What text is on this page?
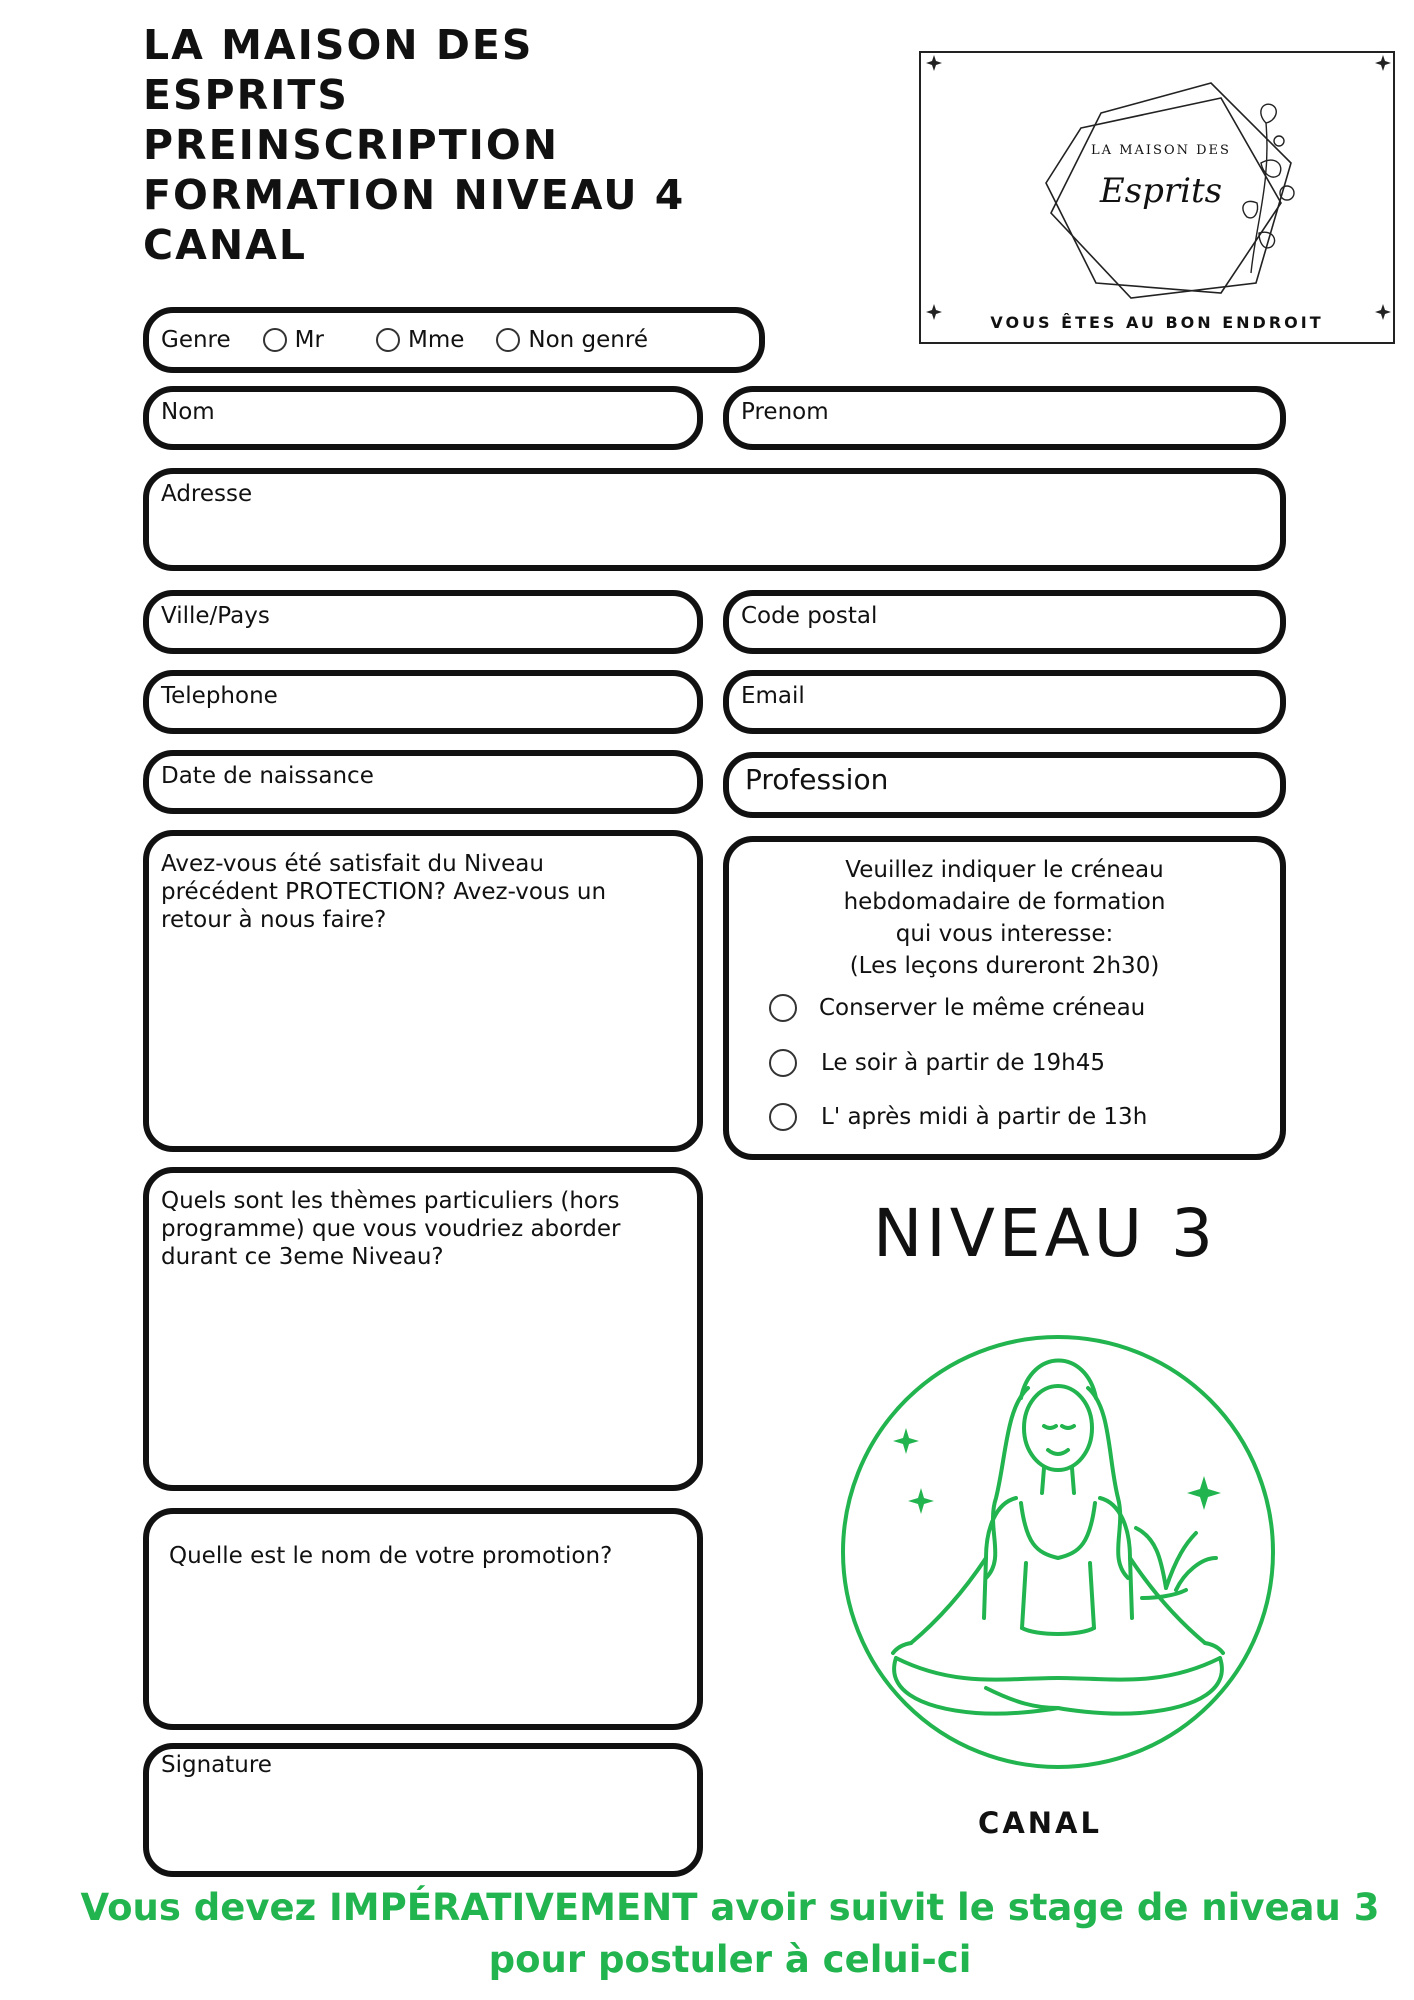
LA MAISON DES
ESPRITS
PREINSCRIPTION
FORMATION NIVEAU 4
CANAL
LA MAISON DES
Esprits
VOUS ÊTES AU BON ENDROIT
Genre	Mr	Mme	Non genré
Nom	Prenom
Adresse
Ville/Pays	Code postal
Telephone	Email
Date de naissance	Profession
Avez-vous été satisfait du Niveau précédent PROTECTION? Avez-vous un retour à nous faire?
Veuillez indiquer le créneau
hebdomadaire de formation
qui vous interesse:
(Les leçons dureront 2h30)
Conserver le même créneau
Le soir à partir de 19h45
L' après midi à partir de 13h
Quels sont les thèmes particuliers (hors programme) que vous voudriez aborder durant ce 3eme Niveau?
Quelle est le nom de votre promotion?
Signature
NIVEAU 3
CANAL
Vous devez IMPÉRATIVEMENT avoir suivit le stage de niveau 3
pour postuler à celui-ci
